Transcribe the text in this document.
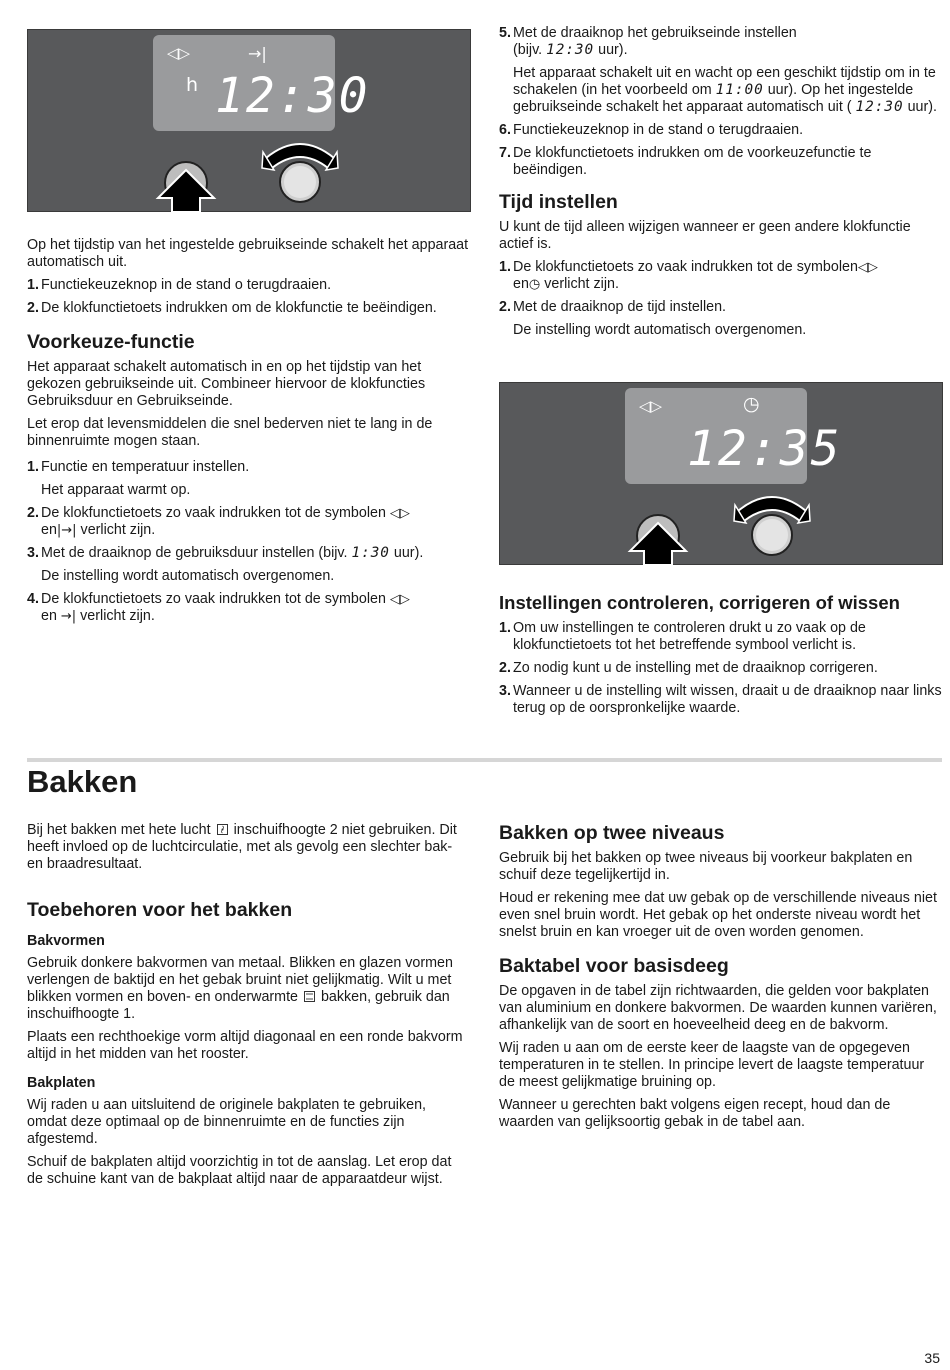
◁▷	→|
h 12:30

Op het tijdstip van het ingestelde gebruikseinde schakelt het apparaat automatisch uit.

1. Functiekeuzeknop in de stand o terugdraaien.
2. De klokfunctietoets indrukken om de klokfunctie te beëindigen.
Voorkeuze-functie

Het apparaat schakelt automatisch in en op het tijdstip van het gekozen gebruikseinde uit. Combineer hiervoor de klokfuncties Gebruiksduur en Gebruikseinde.

Let erop dat levensmiddelen die snel bederven niet te lang in de binnenruimte mogen staan.

1. Functie en temperatuur instellen.

Het apparaat warmt op.

2. De klokfunctietoets zo vaak indrukken tot de symbolen ◁▷
en|→| verlicht zijn.
3. Met de draaiknop de gebruiksduur instellen (bijv. 1:30 uur).

De instelling wordt automatisch overgenomen.

4. De klokfunctietoets zo vaak indrukken tot de symbolen ◁▷
en →| verlicht zijn.
5. Met de draaiknop het gebruikseinde instellen
(bijv. 12:30 uur).

Het apparaat schakelt uit en wacht op een geschikt tijdstip om in te schakelen (in het voorbeeld om 11:00 uur). Op het ingestelde gebruikseinde schakelt het apparaat automatisch uit ( 12:30 uur).

6. Functiekeuzeknop in de stand o terugdraaien.
7. De klokfunctietoets indrukken om de voorkeuzefunctie te beëindigen.
Tijd instellen

U kunt de tijd alleen wijzigen wanneer er geen andere klokfunctie actief is.

1. De klokfunctietoets zo vaak indrukken tot de symbolen◁▷
en◷ verlicht zijn.
2. Met de draaiknop de tijd instellen.

De instelling wordt automatisch overgenomen.

◁▷	◷
12:35
Instellingen controleren, corrigeren of wissen
1. Om uw instellingen te controleren drukt u zo vaak op de klokfunctietoets tot het betreffende symbool verlicht is.
2. Zo nodig kunt u de instelling met de draaiknop corrigeren.
3. Wanneer u de instelling wilt wissen, draait u de draaiknop naar links terug op de oorspronkelijke waarde.
Bakken

Bij het bakken met hete lucht inschuifhoogte 2 niet gebruiken. Dit heeft invloed op de luchtcirculatie, met als gevolg een slechter bak- en braadresultaat.

Toebehoren voor het bakken
Bakvormen

Gebruik donkere bakvormen van metaal. Blikken en glazen vormen verlengen de baktijd en het gebak bruint niet gelijkmatig. Wilt u met blikken vormen en boven- en onderwarmte bakken, gebruik dan inschuifhoogte 1.

Plaats een rechthoekige vorm altijd diagonaal en een ronde bakvorm altijd in het midden van het rooster.

Bakplaten

Wij raden u aan uitsluitend de originele bakplaten te gebruiken, omdat deze optimaal op de binnenruimte en de functies zijn afgestemd.

Schuif de bakplaten altijd voorzichtig in tot de aanslag. Let erop dat de schuine kant van de bakplaat altijd naar de apparaatdeur wijst.

Bakken op twee niveaus

Gebruik bij het bakken op twee niveaus bij voorkeur bakplaten en schuif deze tegelijkertijd in.

Houd er rekening mee dat uw gebak op de verschillende niveaus niet even snel bruin wordt. Het gebak op het onderste niveau wordt het snelst bruin en kan vroeger uit de oven worden genomen.

Baktabel voor basisdeeg

De opgaven in de tabel zijn richtwaarden, die gelden voor bakplaten van aluminium en donkere bakvormen. De waarden kunnen variëren, afhankelijk van de soort en hoeveelheid deeg en de bakvorm.

Wij raden u aan om de eerste keer de laagste van de opgegeven temperaturen in te stellen. In principe levert de laagste temperatuur de meest gelijkmatige bruining op.

Wanneer u gerechten bakt volgens eigen recept, houd dan de waarden van gelijksoortig gebak in de tabel aan.

35
